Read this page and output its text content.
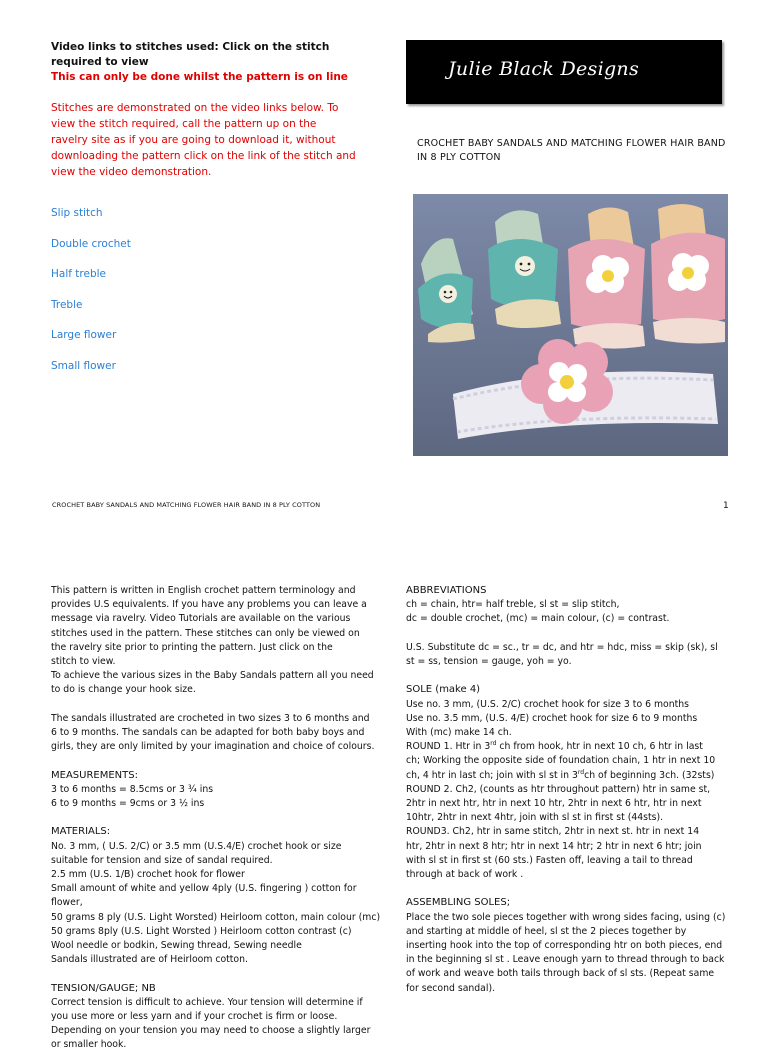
Video links to stitches used: Click on the stitch required to view
This can only be done whilst the pattern is on line
Stitches are demonstrated on the video links below. To view the stitch required, call the pattern up on the ravelry site as if you are going to download it, without downloading the pattern click on the link of the stitch and view the video demonstration.
Slip stitch
Double crochet
Half treble
Treble
Large flower
Small flower
Julie Black Designs
CROCHET BABY SANDALS AND MATCHING FLOWER HAIR BAND IN 8 PLY COTTON
CROCHET BABY SANDALS AND MATCHING FLOWER HAIR BAND IN 8 PLY COTTON	1

This pattern is written in English crochet pattern terminology and

provides U.S equivalents. If you have any problems you can leave a

message via ravelry. Video Tutorials are available on the various

stitches used in the pattern. These stitches can only be viewed on

the ravelry site prior to printing the pattern. Just click on the

stitch to view.

To achieve the various sizes in the Baby Sandals pattern all you need

to do is change your hook size.

The sandals illustrated are crocheted in two sizes 3 to 6 months and

6 to 9 months. The sandals can be adapted for both baby boys and

girls, they are only limited by your imagination and choice of colours.

MEASUREMENTS:

3 to 6 months = 8.5cms or 3 ¾ ins

6 to 9 months = 9cms or 3 ½ ins

MATERIALS:

No. 3 mm, ( U.S. 2/C) or 3.5 mm (U.S.4/E) crochet hook or size

suitable for tension and size of sandal required.

2.5 mm (U.S. 1/B) crochet hook for flower

Small amount of white and yellow 4ply (U.S. fingering ) cotton for flower,

50 grams 8 ply (U.S. Light Worsted) Heirloom cotton, main colour (mc)

50 grams 8ply (U.S. Light Worsted ) Heirloom cotton contrast (c)

Wool needle or bodkin, Sewing thread, Sewing needle

Sandals illustrated are of Heirloom cotton.

TENSION/GAUGE; NB

Correct tension is difficult to achieve. Your tension will determine if

you use more or less yarn and if your crochet is firm or loose.

Depending on your tension you may need to choose a slightly larger

or smaller hook.

ABBREVIATIONS

ch = chain, htr= half treble, sl st = slip stitch,

dc = double crochet, (mc) = main colour, (c) = contrast.

U.S. Substitute dc = sc., tr = dc, and htr = hdc, miss = skip (sk), sl

st = ss, tension = gauge, yoh = yo.

SOLE (make 4)

Use no. 3 mm, (U.S. 2/C) crochet hook for size 3 to 6 months

Use no. 3.5 mm, (U.S. 4/E) crochet hook for size 6 to 9 months

With (mc) make 14 ch.

ROUND 1. Htr in 3rd ch from hook, htr in next 10 ch, 6 htr in last

ch; Working the opposite side of foundation chain, 1 htr in next 10

ch, 4 htr in last ch; join with sl st in 3rdch of beginning 3ch. (32sts)

ROUND 2. Ch2, (counts as htr throughout pattern) htr in same st,

2htr in next htr, htr in next 10 htr, 2htr in next 6 htr, htr in next

10htr, 2htr in next 4htr, join with sl st in first st (44sts).

ROUND3. Ch2, htr in same stitch, 2htr in next st. htr in next 14

htr, 2htr in next 8 htr; htr in next 14 htr; 2 htr in next 6 htr; join

with sl st in first st (60 sts.) Fasten off, leaving a tail to thread

through at back of work .

ASSEMBLING SOLES;

Place the two sole pieces together with wrong sides facing, using (c)

and starting at middle of heel, sl st the 2 pieces together by

inserting hook into the top of corresponding htr on both pieces, end

in the beginning sl st . Leave enough yarn to thread through to back

of work and weave both tails through back of sl sts. (Repeat same

for second sandal).
